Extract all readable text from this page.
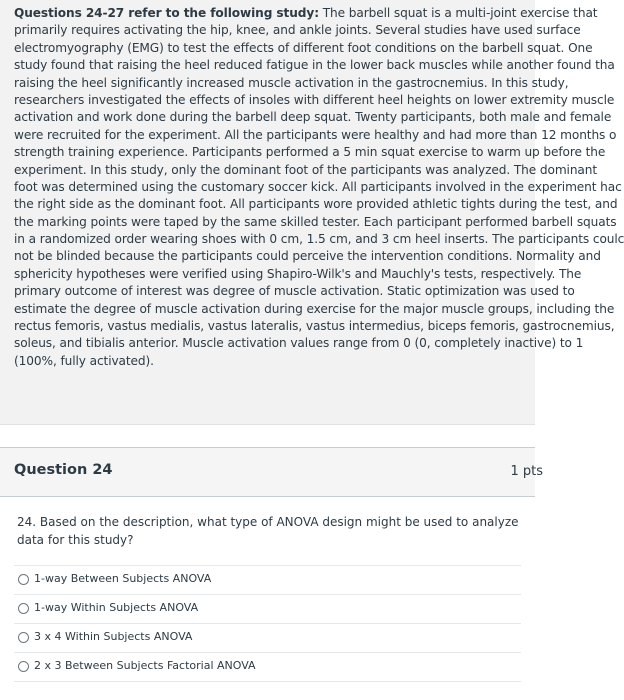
Questions 24-27 refer to the following study: The barbell squat is a multi-joint exercise that
primarily requires activating the hip, knee, and ankle joints. Several studies have used surface
electromyography (EMG) to test the effects of different foot conditions on the barbell squat. One
study found that raising the heel reduced fatigue in the lower back muscles while another found tha
raising the heel significantly increased muscle activation in the gastrocnemius. In this study,
researchers investigated the effects of insoles with different heel heights on lower extremity muscle
activation and work done during the barbell deep squat. Twenty participants, both male and female
were recruited for the experiment. All the participants were healthy and had more than 12 months o
strength training experience. Participants performed a 5 min squat exercise to warm up before the
experiment. In this study, only the dominant foot of the participants was analyzed. The dominant
foot was determined using the customary soccer kick. All participants involved in the experiment hac
the right side as the dominant foot. All participants wore provided athletic tights during the test, and
the marking points were taped by the same skilled tester. Each participant performed barbell squats
in a randomized order wearing shoes with 0 cm, 1.5 cm, and 3 cm heel inserts. The participants coulc
not be blinded because the participants could perceive the intervention conditions. Normality and
sphericity hypotheses were verified using Shapiro-Wilk's and Mauchly's tests, respectively. The
primary outcome of interest was degree of muscle activation. Static optimization was used to
estimate the degree of muscle activation during exercise for the major muscle groups, including the
rectus femoris, vastus medialis, vastus lateralis, vastus intermedius, biceps femoris, gastrocnemius,
soleus, and tibialis anterior. Muscle activation values range from 0 (0, completely inactive) to 1
(100%, fully activated).
Question 24	1 pts
24. Based on the description, what type of ANOVA design might be used to analyze data for this study?
1-way Between Subjects ANOVA
1-way Within Subjects ANOVA
3 x 4 Within Subjects ANOVA
2 x 3 Between Subjects Factorial ANOVA
